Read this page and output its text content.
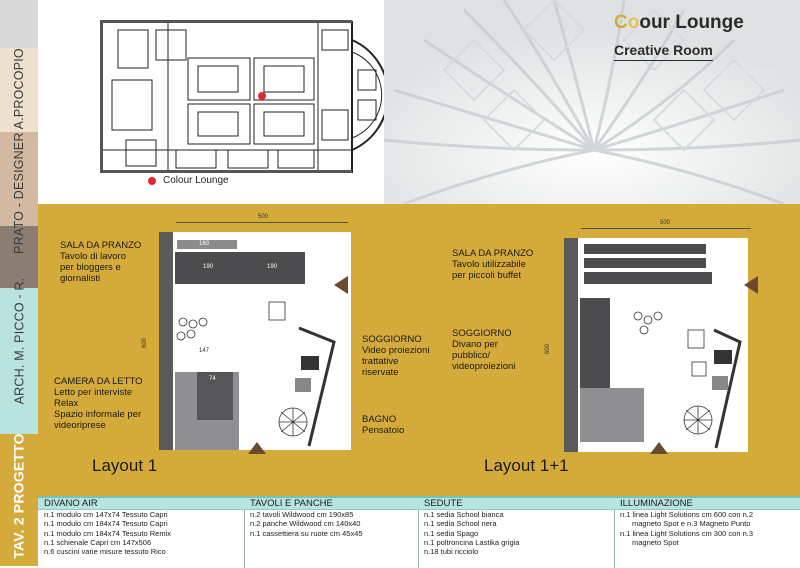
PRATO - DESIGNER A.PROCOPIO
ARCH. M. PICCO - R.
TAV. 2 PROGETTO
Colour Lounge
Coour Lounge
Creative Room
Paralisumne
500
600
160
190	190
74
147
SALA DA PRANZO
Tavolo di lavoro
per bloggers e
giornalisti
SOGGIORNO
Video proiezioni
trattative
riservate
BAGNO
Pensatoio
CAMERA DA LETTO
Letto per interviste
Relax
Spazio informale per
videoriprese
Layout 1
500
600
SALA DA PRANZO
Tavolo utilizzabile
per piccoli buffet
SOGGIORNO
Divano per
pubblico/
videoproiezioni
Layout 1+1
DIVANO AIR
n.1 modulo cm 147x74 Tessuto Capri
n.1 modulo cm 184x74 Tessuto Capri
n.1 modulo cm 184x74 Tessuto Remix
n.1 schienale Capri cm 147x506
n.6 cuscini varie misure tessuto Rico
TAVOLI E PANCHE
n.2 tavoli Wildwood cm 190x85
n.2 panche Wildwood cm 140x40
n.1 cassettiera su ruote cm 45x45
SEDUTE
n.1 sedia School bianca
n.1 sedia School nera
n.1 sedia Spago
n.1 poltroncina Lastika grigia
n.18 tubi ricciolo
ILLUMINAZIONE
n.1 linea Light Solutions cm 600 con n.2
magneto Spot e n.3 Magneto Punto
n.1 linea Light Solutions cm 300 con n.3
magneto Spot
